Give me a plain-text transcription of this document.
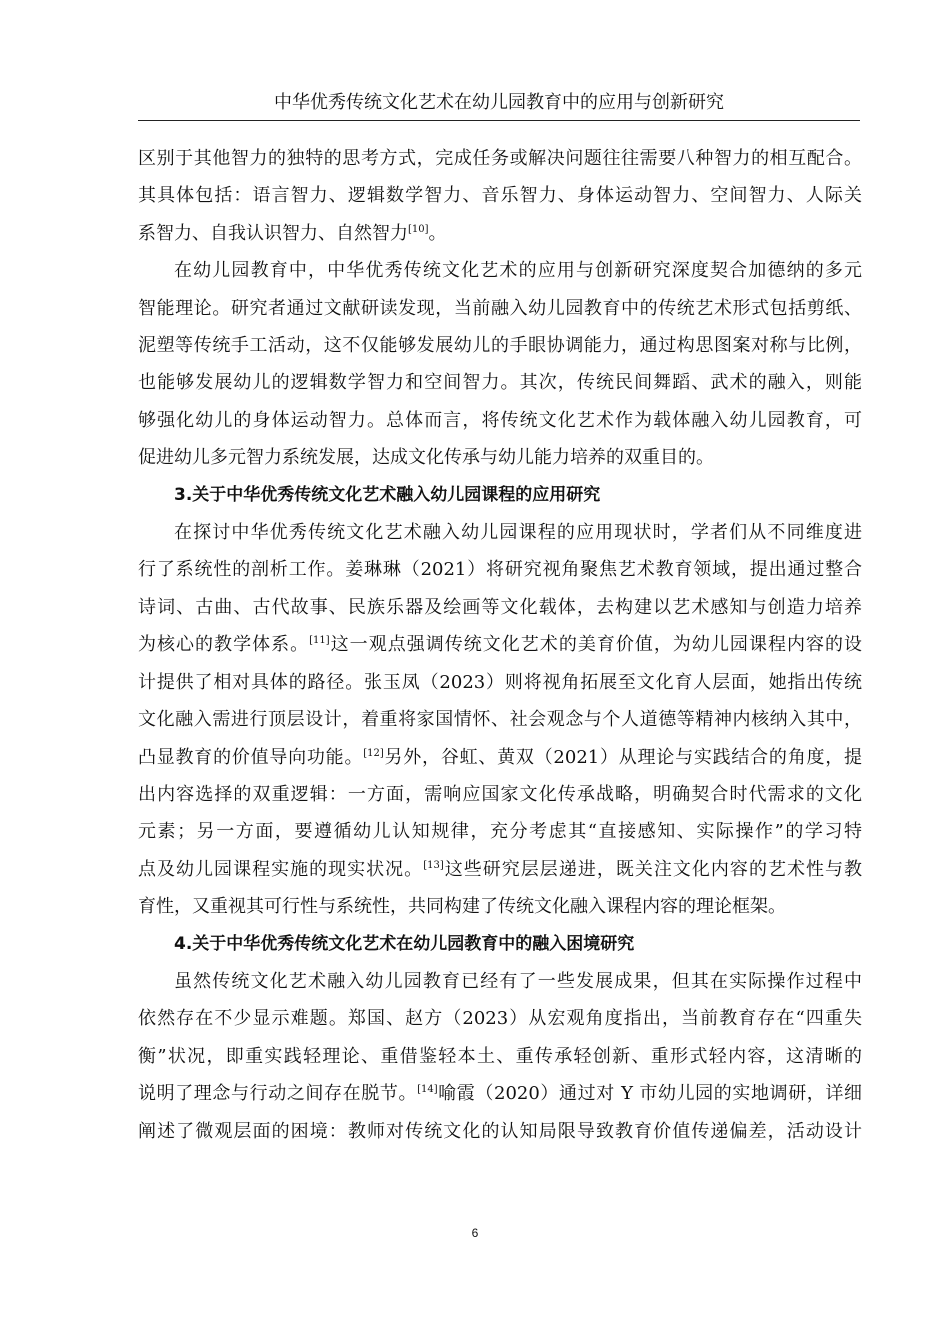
中华优秀传统文化艺术在幼儿园教育中的应用与创新研究
区别于其他智力的独特的思考方式，完成任务或解决问题往往需要八种智力的相互配合。
其具体包括：语言智力、逻辑数学智力、音乐智力、身体运动智力、空间智力、人际关
系智力、自我认识智力、自然智力[10]。
在幼儿园教育中，中华优秀传统文化艺术的应用与创新研究深度契合加德纳的多元
智能理论。研究者通过文献研读发现，当前融入幼儿园教育中的传统艺术形式包括剪纸、
泥塑等传统手工活动，这不仅能够发展幼儿的手眼协调能力，通过构思图案对称与比例，
也能够发展幼儿的逻辑数学智力和空间智力。其次，传统民间舞蹈、武术的融入，则能
够强化幼儿的身体运动智力。总体而言，将传统文化艺术作为载体融入幼儿园教育，可
促进幼儿多元智力系统发展，达成文化传承与幼儿能力培养的双重目的。
3.关于中华优秀传统文化艺术融入幼儿园课程的应用研究
在探讨中华优秀传统文化艺术融入幼儿园课程的应用现状时，学者们从不同维度进
行了系统性的剖析工作。姜琳琳（2021）将研究视角聚焦艺术教育领域，提出通过整合
诗词、古曲、古代故事、民族乐器及绘画等文化载体，去构建以艺术感知与创造力培养
为核心的教学体系。[11]这一观点强调传统文化艺术的美育价值，为幼儿园课程内容的设
计提供了相对具体的路径。张玉凤（2023）则将视角拓展至文化育人层面，她指出传统
文化融入需进行顶层设计，着重将家国情怀、社会观念与个人道德等精神内核纳入其中，
凸显教育的价值导向功能。[12]另外，谷虹、黄双（2021）从理论与实践结合的角度，提
出内容选择的双重逻辑：一方面，需响应国家文化传承战略，明确契合时代需求的文化
元素；另一方面，要遵循幼儿认知规律，充分考虑其“直接感知、实际操作”的学习特
点及幼儿园课程实施的现实状况。[13]这些研究层层递进，既关注文化内容的艺术性与教
育性，又重视其可行性与系统性，共同构建了传统文化融入课程内容的理论框架。
4.关于中华优秀传统文化艺术在幼儿园教育中的融入困境研究
虽然传统文化艺术融入幼儿园教育已经有了一些发展成果，但其在实际操作过程中
依然存在不少显示难题。郑国、赵方（2023）从宏观角度指出，当前教育存在“四重失
衡”状况，即重实践轻理论、重借鉴轻本土、重传承轻创新、重形式轻内容，这清晰的
说明了理念与行动之间存在脱节。[14]喻霞（2020）通过对 Y 市幼儿园的实地调研，详细
阐述了微观层面的困境：教师对传统文化的认知局限导致教育价值传递偏差，活动设计
6
